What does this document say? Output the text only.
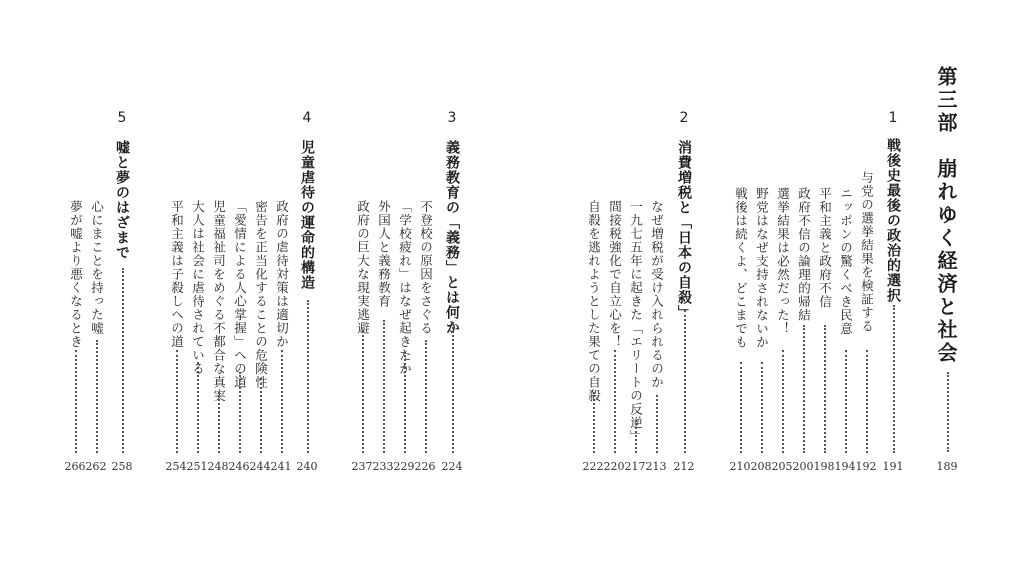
第三部　崩れゆく経済と社会
189
1
戦後史最後の政治的選択
191
与党の選挙結果を検証する
192
ニッポンの驚くべき民意
194
平和主義と政府不信
198
政府不信の論理的帰結
200
選挙結果は必然だった！
205
野党はなぜ支持されないか
208
戦後は続くよ、どこまでも
210
2
消費増税と「日本の自殺」
212
なぜ増税が受け入れられるのか
213
一九七五年に起きた「エリートの反逆」
217
間接税強化で自立心を！
220
自殺を逃れようとした果ての自殺
222
3
義務教育の「義務」とは何か
224
不登校の原因をさぐる
226
「学校疲れ」はなぜ起きたか
229
外国人と義務教育
233
政府の巨大な現実逃避
237
4
児童虐待の運命的構造
240
政府の虐待対策は適切か
241
密告を正当化することの危険性
244
「愛情による人心掌握」への道
246
児童福祉司をめぐる不都合な真実
248
大人は社会に虐待されている
251
平和主義は子殺しへの道
254
5
嘘と夢のはざまで
258
心にまことを持った嘘
262
夢が嘘より悪くなるとき
266
